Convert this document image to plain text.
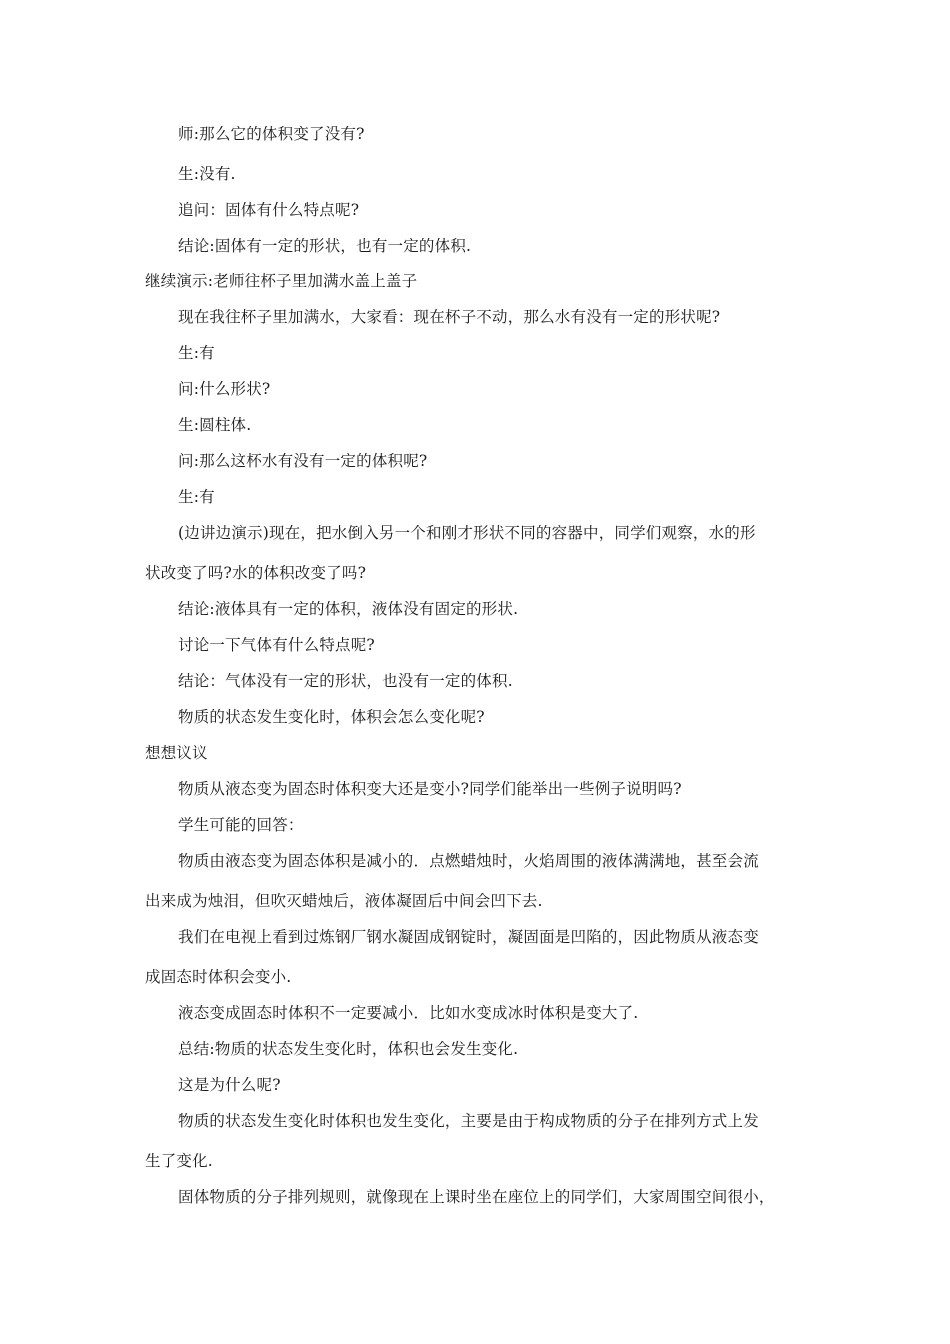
师:那么它的体积变了没有?
生:没有.
追问：固体有什么特点呢?
结论:固体有一定的形状，也有一定的体积.
继续演示:老师往杯子里加满水盖上盖子
现在我往杯子里加满水，大家看：现在杯子不动，那么水有没有一定的形状呢?
生:有
问:什么形状?
生:圆柱体.
问:那么这杯水有没有一定的体积呢?
生:有
(边讲边演示)现在，把水倒入另一个和刚才形状不同的容器中，同学们观察，水的形
状改变了吗?水的体积改变了吗?
结论:液体具有一定的体积，液体没有固定的形状.
讨论一下气体有什么特点呢?
结论：气体没有一定的形状，也没有一定的体积.
物质的状态发生变化时，体积会怎么变化呢?
想想议议
物质从液态变为固态时体积变大还是变小?同学们能举出一些例子说明吗?
学生可能的回答：
物质由液态变为固态体积是减小的．点燃蜡烛时，火焰周围的液体满满地，甚至会流
出来成为烛泪，但吹灭蜡烛后，液体凝固后中间会凹下去.
我们在电视上看到过炼钢厂钢水凝固成钢锭时，凝固面是凹陷的，因此物质从液态变
成固态时体积会变小.
液态变成固态时体积不一定要减小．比如水变成冰时体积是变大了.
总结:物质的状态发生变化时，体积也会发生变化.
这是为什么呢?
物质的状态发生变化时体积也发生变化，主要是由于构成物质的分子在排列方式上发
生了变化.
固体物质的分子排列规则，就像现在上课时坐在座位上的同学们，大家周围空间很小，
